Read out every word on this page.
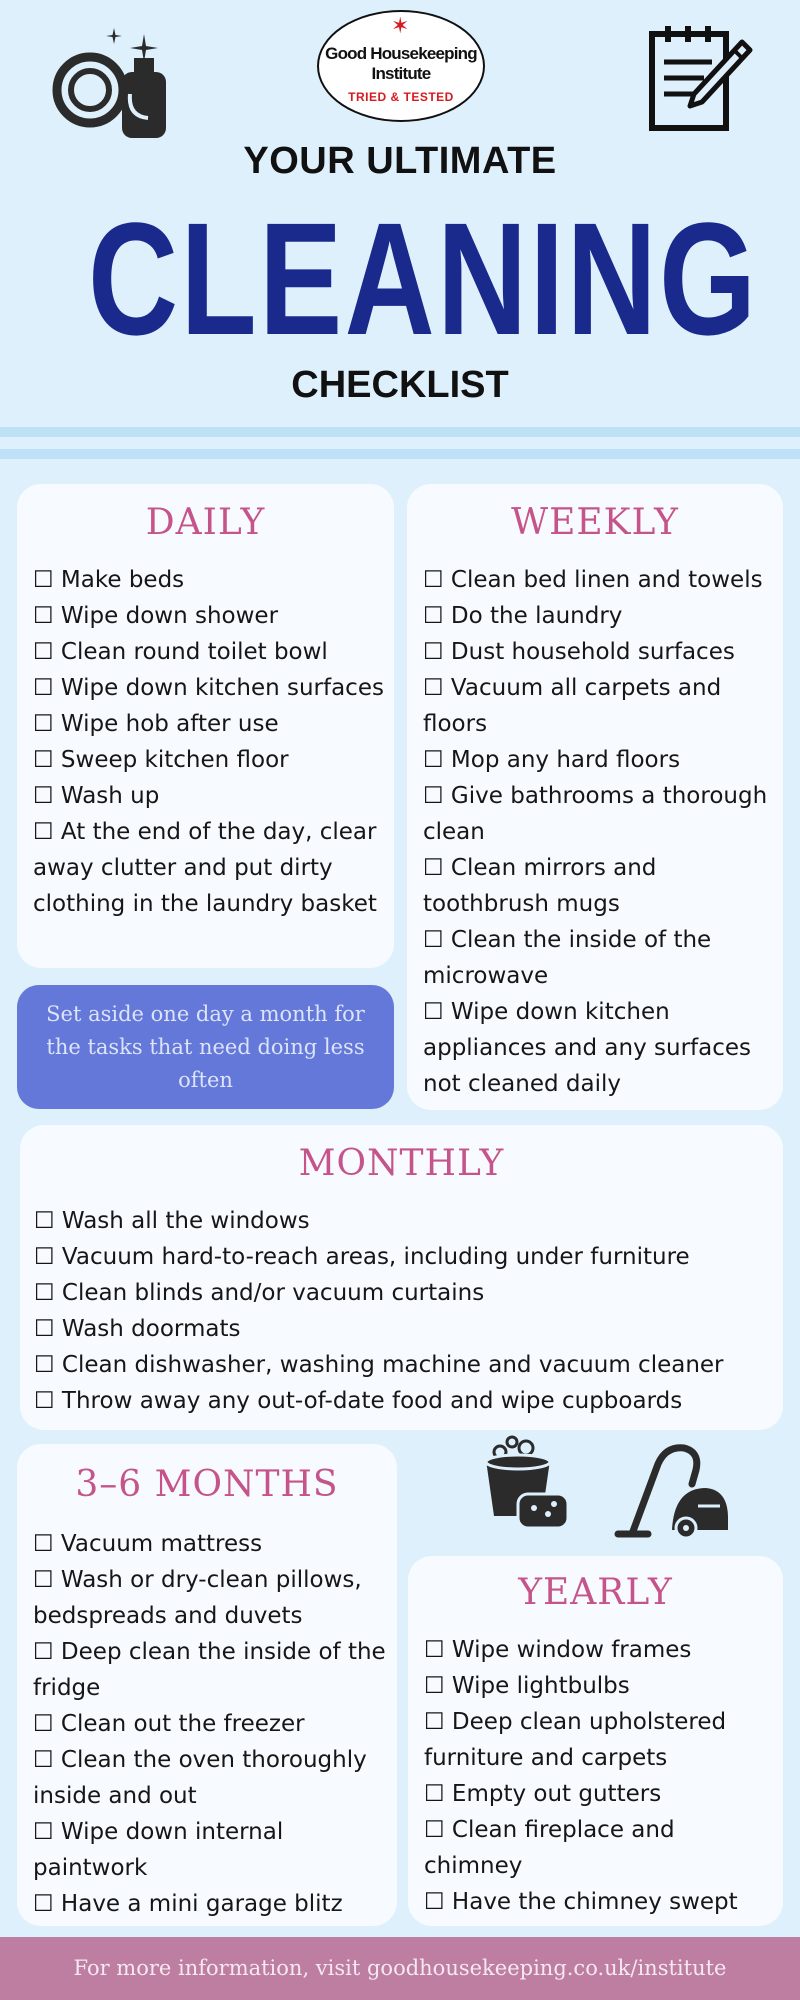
✶
Good Housekeeping
Institute
TRIED & TESTED
YOUR ULTIMATE
CLEANING
CHECKLIST
DAILY
☐ Make beds
☐ Wipe down shower
☐ Clean round toilet bowl
☐ Wipe down kitchen surfaces
☐ Wipe hob after use
☐ Sweep kitchen floor
☐ Wash up
☐ At the end of the day, clear away clutter and put dirty clothing in the laundry basket
Set aside one day a month for the tasks that need doing less often
WEEKLY
☐ Clean bed linen and towels
☐ Do the laundry
☐ Dust household surfaces
☐ Vacuum all carpets and floors
☐ Mop any hard floors
☐ Give bathrooms a thorough clean
☐ Clean mirrors and toothbrush mugs
☐ Clean the inside of the microwave
☐ Wipe down kitchen appliances and any surfaces not cleaned daily
MONTHLY
☐ Wash all the windows
☐ Vacuum hard-to-reach areas, including under furniture
☐ Clean blinds and/or vacuum curtains
☐ Wash doormats
☐ Clean dishwasher, washing machine and vacuum cleaner
☐ Throw away any out-of-date food and wipe cupboards
3–6 MONTHS
☐ Vacuum mattress
☐ Wash or dry-clean pillows, bedspreads and duvets
☐ Deep clean the inside of the fridge
☐ Clean out the freezer
☐ Clean the oven thoroughly inside and out
☐ Wipe down internal paintwork
☐ Have a mini garage blitz
YEARLY
☐ Wipe window frames
☐ Wipe lightbulbs
☐ Deep clean upholstered furniture and carpets
☐ Empty out gutters
☐ Clean fireplace and chimney
☐ Have the chimney swept
For more information, visit goodhousekeeping.co.uk/institute
